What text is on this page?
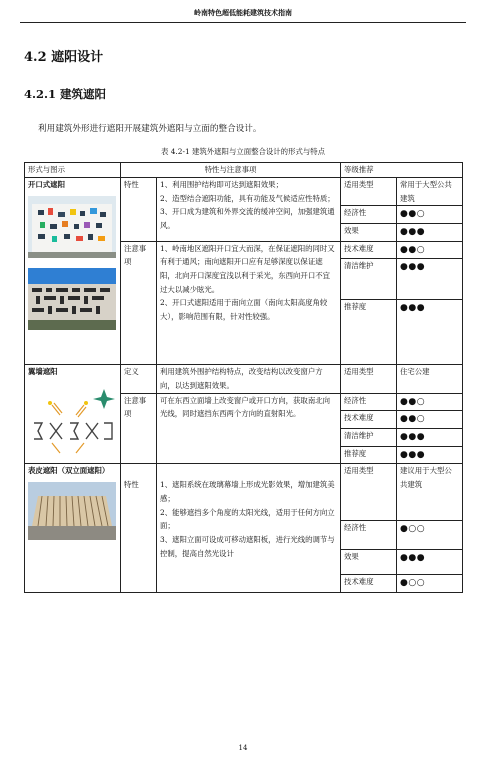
岭南特色超低能耗建筑技术指南
4.2 遮阳设计
4.2.1 建筑遮阳
利用建筑外形进行遮阳开展建筑外遮阳与立面的整合设计。
表 4.2-1 建筑外遮阳与立面整合设计的形式与特点
形式与图示	特性与注意事项		等级推荐	

开口式遮阳	特性	1、利用围护结构即可达到遮阳效果；
2、造型结合遮阳功能，具有功能及气候适应性特质；
3、开口成为建筑和外界交流的缓冲空间，加强建筑通风。	适用类型	常用于大型公共建筑
			经济性	●●○
			效果	●●●
	注意事项	1、岭南地区遮阳开口宜大而深，在保证遮阳的同时又有利于通风；南向遮阳开口应有足够深度以保证遮阳，北向开口深度宜浅以利于采光，东西向开口不宜过大以减少眩光。
2、开口式遮阳适用于南向立面（南向太阳高度角较大），影响范围有限，针对性较强。	技术难度	●●○
			清洁维护	●●●
			推荐度	●●●

翼墙遮阳	定义	利用建筑外围护结构特点，改变结构以改变窗户方向，以达到遮阳效果。	适用类型	住宅公建
	注意事项	可在东西立面墙上改变窗户或开口方向，获取南北向光线，同时遮挡东西两个方向的直射阳光。	经济性	●●○
			技术难度	●●○
			清洁维护	●●●
			推荐度	●●●

表皮遮阳（双立面遮阳）	特性	1、遮阳系统在玻璃幕墙上形成光影效果，增加建筑美感；
2、能够遮挡多个角度的太阳光线，适用于任何方向立面；
3、遮阳立面可设成可移动遮阳板，进行光线的调节与控制，提高自然光设计	适用类型	建议用于大型公共建筑
			经济性	●○○
			效果	●●●
			技术难度	●○○
14
